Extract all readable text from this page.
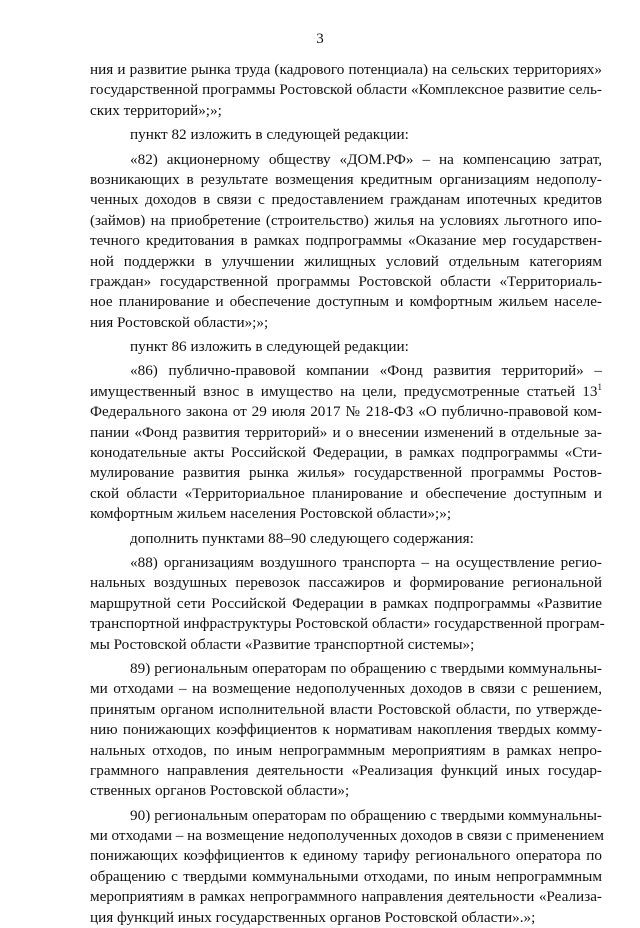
3
ния и развитие рынка труда (кадрового потенциала) на сельских территориях»
государственной программы Ростовской области «Комплексное развитие сель-
ских территорий»;»;
пункт 82 изложить в следующей редакции:
«82) акционерному обществу «ДОМ.РФ» – на компенсацию затрат,
возникающих в результате возмещения кредитным организациям недополу-
ченных доходов в связи с предоставлением гражданам ипотечных кредитов
(займов) на приобретение (строительство) жилья на условиях льготного ипо-
течного кредитования в рамках подпрограммы «Оказание мер государствен-
ной поддержки в улучшении жилищных условий отдельным категориям
граждан» государственной программы Ростовской области «Территориаль-
ное планирование и обеспечение доступным и комфортным жильем населе-
ния Ростовской области»;»;
пункт 86 изложить в следующей редакции:
«86) публично-правовой компании «Фонд развития территорий» –
имущественный взнос в имущество на цели, предусмотренные статьей $13^1$
Федерального закона от 29 июля 2017 № 218-ФЗ «О публично-правовой ком-
пании «Фонд развития территорий» и о внесении изменений в отдельные за-
конодательные акты Российской Федерации, в рамках подпрограммы «Сти-
мулирование развития рынка жилья» государственной программы Ростов-
ской области «Территориальное планирование и обеспечение доступным и
комфортным жильем населения Ростовской области»;»;
дополнить пунктами 88–90 следующего содержания:
«88) организациям воздушного транспорта – на осуществление регио-
нальных воздушных перевозок пассажиров и формирование региональной
маршрутной сети Российской Федерации в рамках подпрограммы «Развитие
транспортной инфраструктуры Ростовской области» государственной програм-
мы Ростовской области «Развитие транспортной системы»;
89) региональным операторам по обращению с твердыми коммунальны-
ми отходами – на возмещение недополученных доходов в связи с решением,
принятым органом исполнительной власти Ростовской области, по утвержде-
нию понижающих коэффициентов к нормативам накопления твердых комму-
нальных отходов, по иным непрограммным мероприятиям в рамках непро-
граммного направления деятельности «Реализация функций иных государ-
ственных органов Ростовской области»;
90) региональным операторам по обращению с твердыми коммунальны-
ми отходами – на возмещение недополученных доходов в связи с применением
понижающих коэффициентов к единому тарифу регионального оператора по
обращению с твердыми коммунальными отходами, по иным непрограммным
мероприятиям в рамках непрограммного направления деятельности «Реализа-
ция функций иных государственных органов Ростовской области».»;
